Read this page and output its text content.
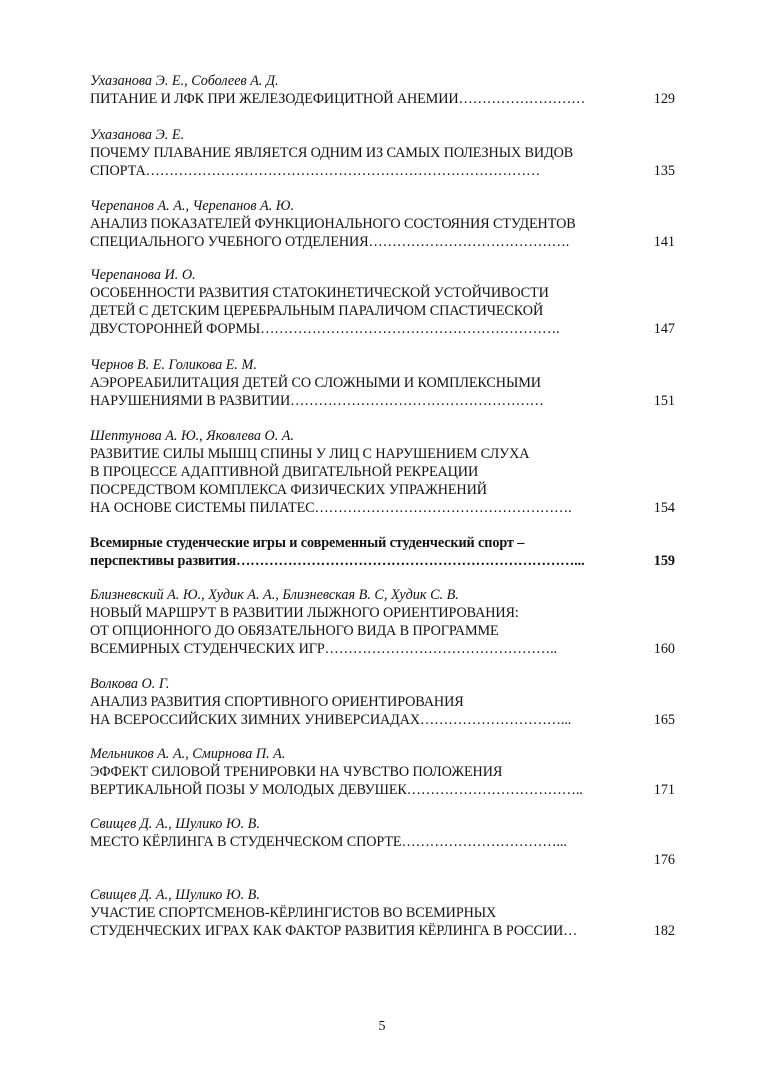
Ухазанова Э. Е., Соболеев А. Д.
ПИТАНИЕ И ЛФК ПРИ ЖЕЛЕЗОДЕФИЦИТНОЙ АНЕМИИ………………………	129
Ухазанова Э. Е.
ПОЧЕМУ ПЛАВАНИЕ ЯВЛЯЕТСЯ ОДНИМ ИЗ САМЫХ ПОЛЕЗНЫХ ВИДОВ
СПОРТА…………………………………………………………………………	135
Черепанов А. А., Черепанов А. Ю.
АНАЛИЗ ПОКАЗАТЕЛЕЙ ФУНКЦИОНАЛЬНОГО СОСТОЯНИЯ СТУДЕНТОВ
СПЕЦИАЛЬНОГО УЧЕБНОГО ОТДЕЛЕНИЯ…………………………………….	141
Черепанова И. О.
ОСОБЕННОСТИ РАЗВИТИЯ СТАТОКИНЕТИЧЕСКОЙ УСТОЙЧИВОСТИ
ДЕТЕЙ С ДЕТСКИМ ЦЕРЕБРАЛЬНЫМ ПАРАЛИЧОМ СПАСТИЧЕСКОЙ
ДВУСТОРОННЕЙ ФОРМЫ……………………………………………………….	147
Чернов В. Е. Голикова Е. М.
АЭРОРЕАБИЛИТАЦИЯ ДЕТЕЙ СО СЛОЖНЫМИ И КОМПЛЕКСНЫМИ
НАРУШЕНИЯМИ В РАЗВИТИИ………………………………………………	151
Шептунова А. Ю., Яковлева О. А.
РАЗВИТИЕ СИЛЫ МЫШЦ СПИНЫ У ЛИЦ С НАРУШЕНИЕМ СЛУХА
В ПРОЦЕССЕ АДАПТИВНОЙ ДВИГАТЕЛЬНОЙ РЕКРЕАЦИИ
ПОСРЕДСТВОМ КОМПЛЕКСА ФИЗИЧЕСКИХ УПРАЖНЕНИЙ
НА ОСНОВЕ СИСТЕМЫ ПИЛАТЕС……………………………………………….	154
Всемирные студенческие игры и современный студенческий спорт –
перспективы развития………………………………………………………………...	159
Близневский А. Ю., Худик А. А., Близневская В. С, Худик С. В.
НОВЫЙ МАРШРУТ В РАЗВИТИИ ЛЫЖНОГО ОРИЕНТИРОВАНИЯ:
ОТ ОПЦИОННОГО ДО ОБЯЗАТЕЛЬНОГО ВИДА В ПРОГРАММЕ
ВСЕМИРНЫХ СТУДЕНЧЕСКИХ ИГР…………………………………………..	160
Волкова О. Г.
АНАЛИЗ РАЗВИТИЯ СПОРТИВНОГО ОРИЕНТИРОВАНИЯ
НА ВСЕРОССИЙСКИХ ЗИМНИХ УНИВЕРСИАДАХ…………………………...	165
Мельников А. А., Смирнова П. А.
ЭФФЕКТ СИЛОВОЙ ТРЕНИРОВКИ НА ЧУВСТВО ПОЛОЖЕНИЯ
ВЕРТИКАЛЬНОЙ ПОЗЫ У МОЛОДЫХ ДЕВУШЕК………………………………..	171
Свищев Д. А., Шулико Ю. В.
МЕСТО КЁРЛИНГА В СТУДЕНЧЕСКОМ СПОРТЕ……………………………...
176
Свищев Д. А., Шулико Ю. В.
УЧАСТИЕ СПОРТСМЕНОВ-КЁРЛИНГИСТОВ ВО ВСЕМИРНЫХ
СТУДЕНЧЕСКИХ ИГРАХ КАК ФАКТОР РАЗВИТИЯ КЁРЛИНГА В РОССИИ…	182
5
